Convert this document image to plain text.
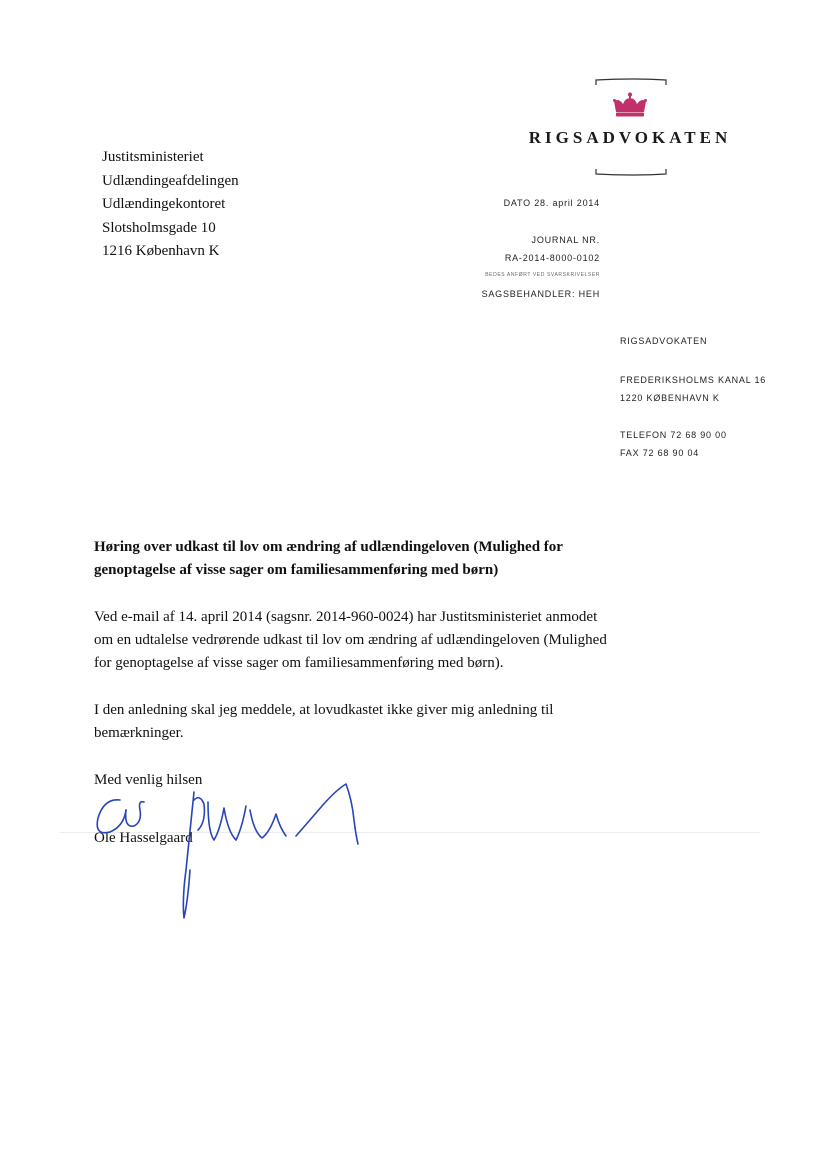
RIGSADVOKATEN
Justitsministeriet
Udlændingeafdelingen
Udlændingekontoret
Slotsholmsgade 10
1216 København K
DATO 28. april 2014
JOURNAL NR.
RA-2014-8000-0102
BEDES ANFØRT VED SVARSKRIVELSER
SAGSBEHANDLER: HEH
RIGSADVOKATEN
FREDERIKSHOLMS KANAL 16
1220 KØBENHAVN K
TELEFON 72 68 90 00
FAX 72 68 90 04

Høring over udkast til lov om ændring af udlændingeloven (Mulighed for genoptagelse af visse sager om familiesammenføring med børn)

Ved e-mail af 14. april 2014 (sagsnr. 2014-960-0024) har Justitsministeriet anmodet om en udtalelse vedrørende udkast til lov om ændring af udlændingeloven (Mulighed for genoptagelse af visse sager om familiesammenføring med børn).

I den anledning skal jeg meddele, at lovudkastet ikke giver mig anledning til bemærkninger.

Med venlig hilsen

Ole Hasselgaard
